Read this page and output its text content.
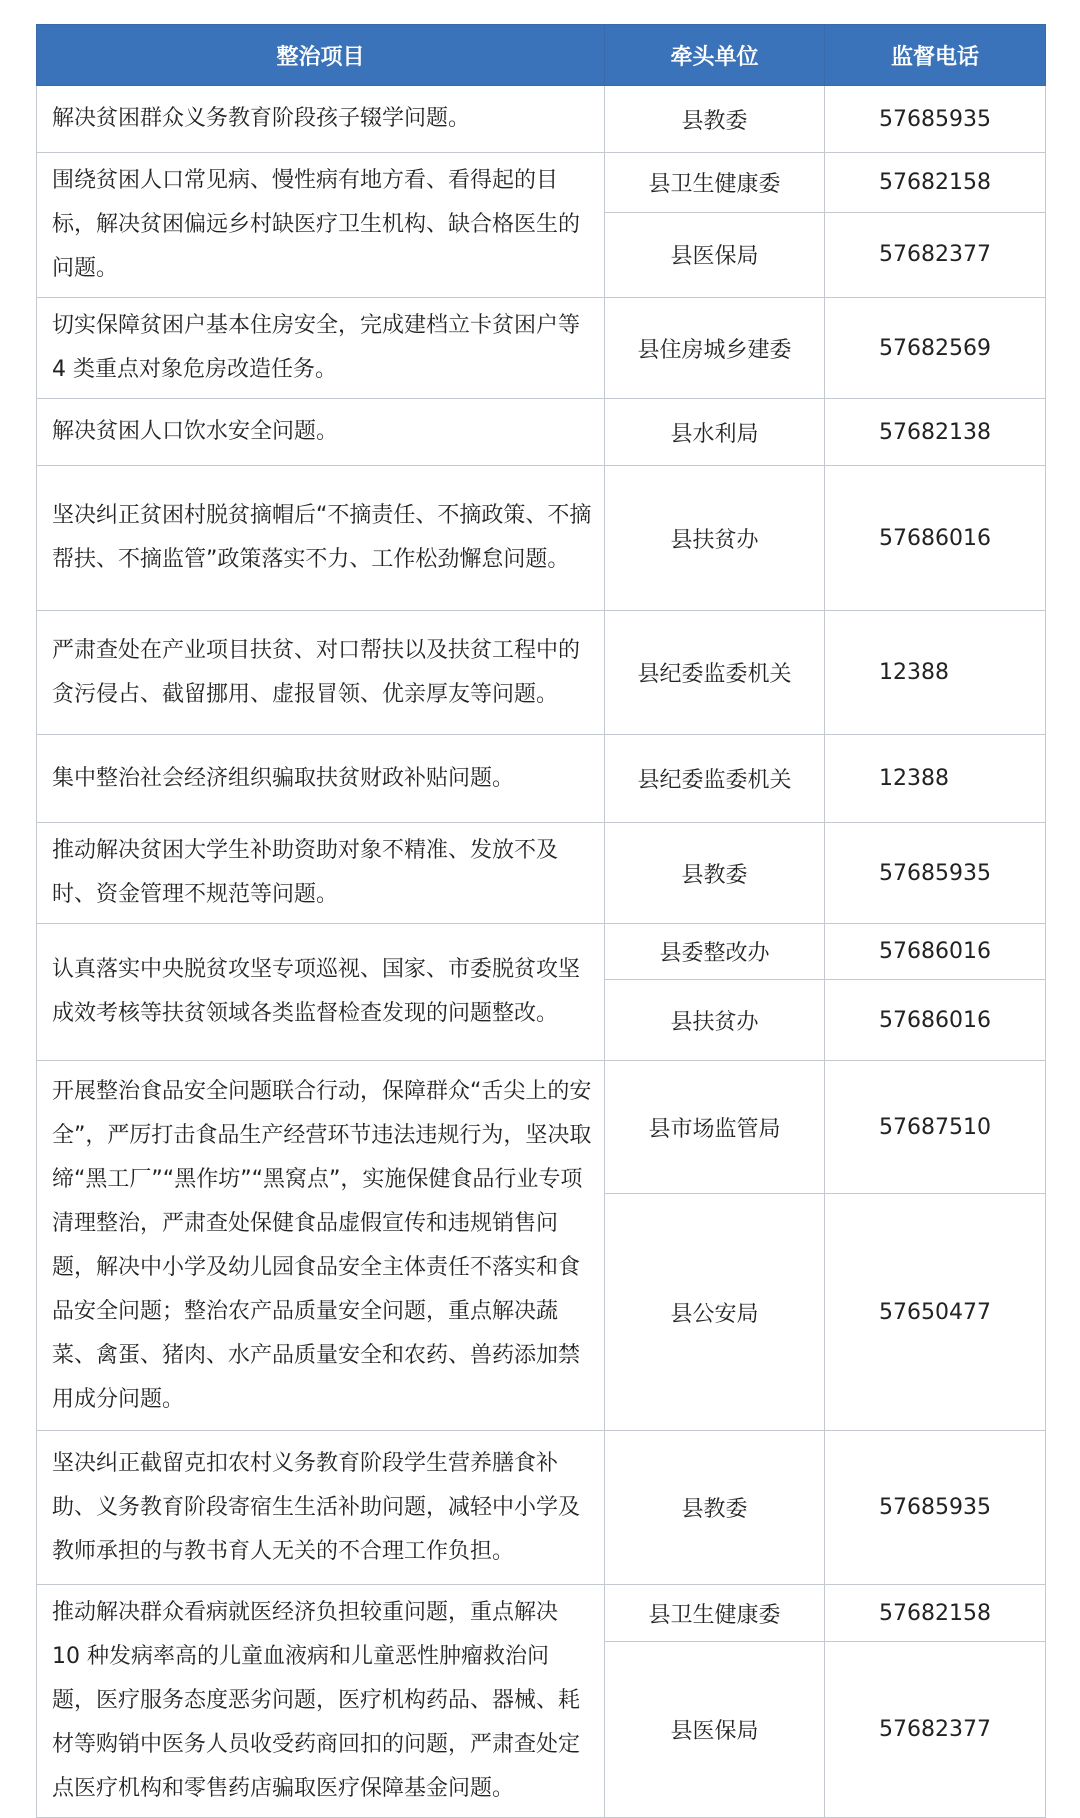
整治项目	牵头单位	监督电话
解决贫困群众义务教育阶段孩子辍学问题。	县教委	57685935
围绕贫困人口常见病、慢性病有地方看、看得起的目标，解决贫困偏远乡村缺医疗卫生机构、缺合格医生的问题。	县卫生健康委	57682158
	县医保局	57682377
切实保障贫困户基本住房安全，完成建档立卡贫困户等 4 类重点对象危房改造任务。	县住房城乡建委	57682569
解决贫困人口饮水安全问题。	县水利局	57682138
坚决纠正贫困村脱贫摘帽后“不摘责任、不摘政策、不摘帮扶、不摘监管”政策落实不力、工作松劲懈怠问题。	县扶贫办	57686016
严肃查处在产业项目扶贫、对口帮扶以及扶贫工程中的贪污侵占、截留挪用、虚报冒领、优亲厚友等问题。	县纪委监委机关	12388
集中整治社会经济组织骗取扶贫财政补贴问题。	县纪委监委机关	12388
推动解决贫困大学生补助资助对象不精准、发放不及时、资金管理不规范等问题。	县教委	57685935
认真落实中央脱贫攻坚专项巡视、国家、市委脱贫攻坚成效考核等扶贫领域各类监督检查发现的问题整改。	县委整改办	57686016
	县扶贫办	57686016
开展整治食品安全问题联合行动，保障群众“舌尖上的安全”，严厉打击食品生产经营环节违法违规行为，坚决取缔“黑工厂”“黑作坊”“黑窝点”，实施保健食品行业专项清理整治，严肃查处保健食品虚假宣传和违规销售问题，解决中小学及幼儿园食品安全主体责任不落实和食品安全问题；整治农产品质量安全问题，重点解决蔬菜、禽蛋、猪肉、水产品质量安全和农药、兽药添加禁用成分问题。	县市场监管局	57687510
	县公安局	57650477
坚决纠正截留克扣农村义务教育阶段学生营养膳食补助、义务教育阶段寄宿生生活补助问题，减轻中小学及教师承担的与教书育人无关的不合理工作负担。	县教委	57685935
推动解决群众看病就医经济负担较重问题，重点解决 10 种发病率高的儿童血液病和儿童恶性肿瘤救治问题，医疗服务态度恶劣问题，医疗机构药品、器械、耗材等购销中医务人员收受药商回扣的问题，严肃查处定点医疗机构和零售药店骗取医疗保障基金问题。	县卫生健康委	57682158
	县医保局	57682377
